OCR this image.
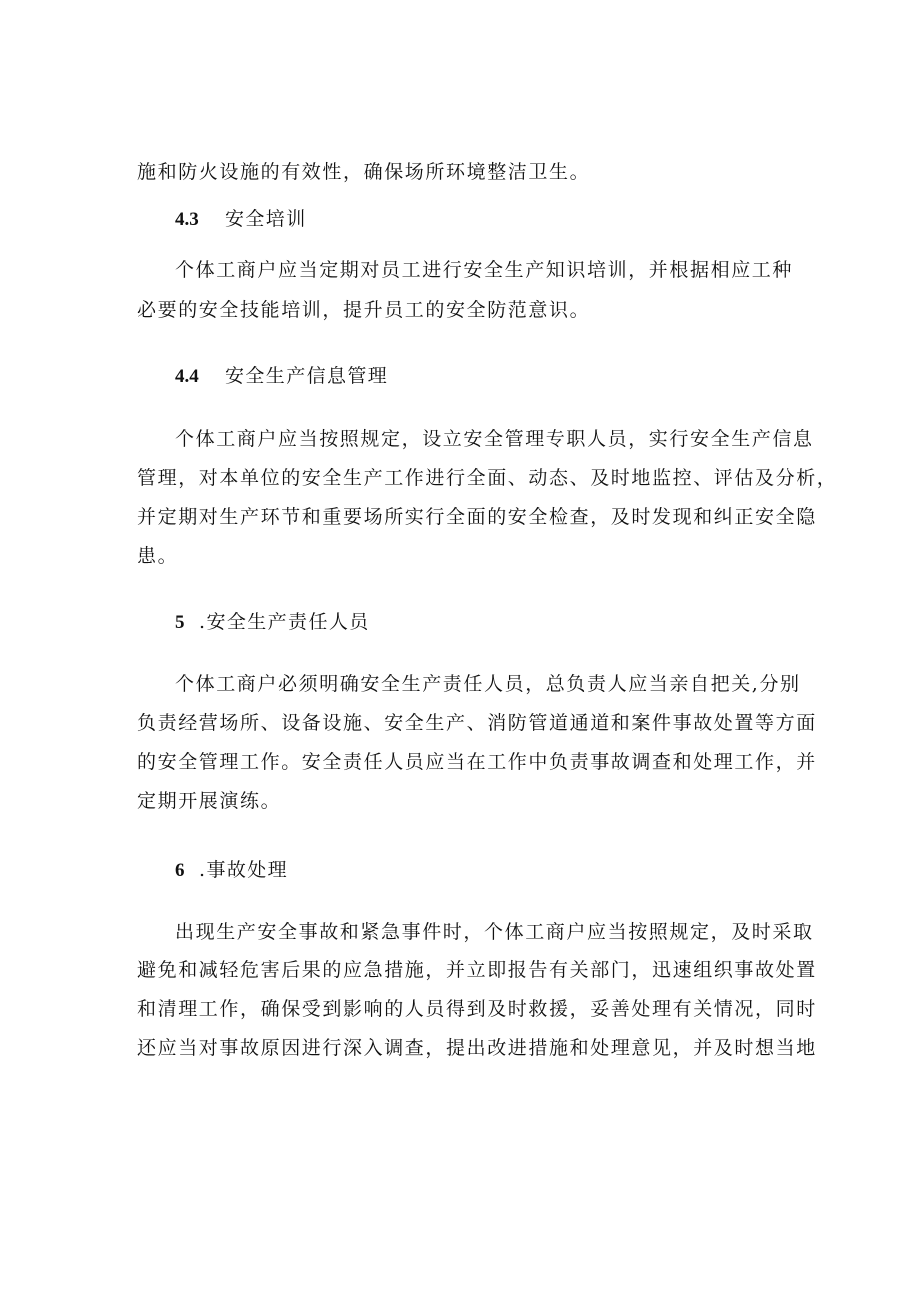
施和防火设施的有效性，确保场所环境整洁卫生。
4.3 安全培训
个体工商户应当定期对员工进行安全生产知识培训，并根据相应工种
必要的安全技能培训，提升员工的安全防范意识。
4.4 安全生产信息管理
个体工商户应当按照规定，设立安全管理专职人员，实行安全生产信息
管理，对本单位的安全生产工作进行全面、动态、及时地监控、评估及分析，
并定期对生产环节和重要场所实行全面的安全检查，及时发现和纠正安全隐
患。
5 .安全生产责任人员
个体工商户必须明确安全生产责任人员，总负责人应当亲自把关,分别
负责经营场所、设备设施、安全生产、消防管道通道和案件事故处置等方面
的安全管理工作。安全责任人员应当在工作中负责事故调查和处理工作，并
定期开展演练。
6 .事故处理
出现生产安全事故和紧急事件时，个体工商户应当按照规定，及时采取
避免和减轻危害后果的应急措施，并立即报告有关部门，迅速组织事故处置
和清理工作，确保受到影响的人员得到及时救援，妥善处理有关情况，同时
还应当对事故原因进行深入调查，提出改进措施和处理意见，并及时想当地
